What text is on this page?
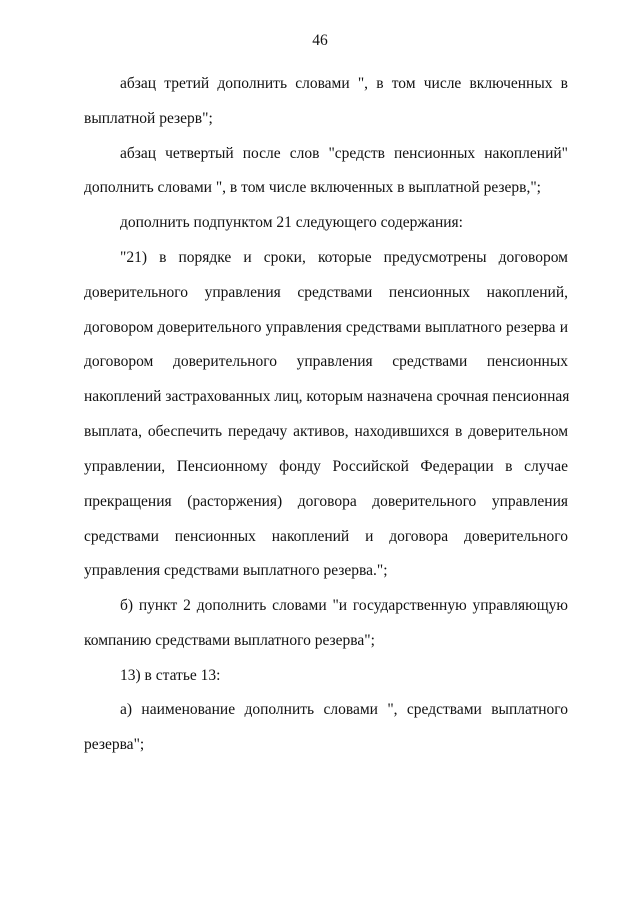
46
абзац третий дополнить словами ", в том числе включенных в
выплатной резерв";
абзац четвертый после слов "средств пенсионных накоплений"
дополнить словами ", в том числе включенных в выплатной резерв,";
дополнить подпунктом 21 следующего содержания:
"21) в порядке и сроки, которые предусмотрены договором
доверительного управления средствами пенсионных накоплений,
договором доверительного управления средствами выплатного резерва и
договором доверительного управления средствами пенсионных
накоплений застрахованных лиц, которым назначена срочная пенсионная
выплата, обеспечить передачу активов, находившихся в доверительном
управлении, Пенсионному фонду Российской Федерации в случае
прекращения (расторжения) договора доверительного управления
средствами пенсионных накоплений и договора доверительного
управления средствами выплатного резерва.";
б) пункт 2 дополнить словами "и государственную управляющую
компанию средствами выплатного резерва";
13) в статье 13:
а) наименование дополнить словами ", средствами выплатного
резерва";
